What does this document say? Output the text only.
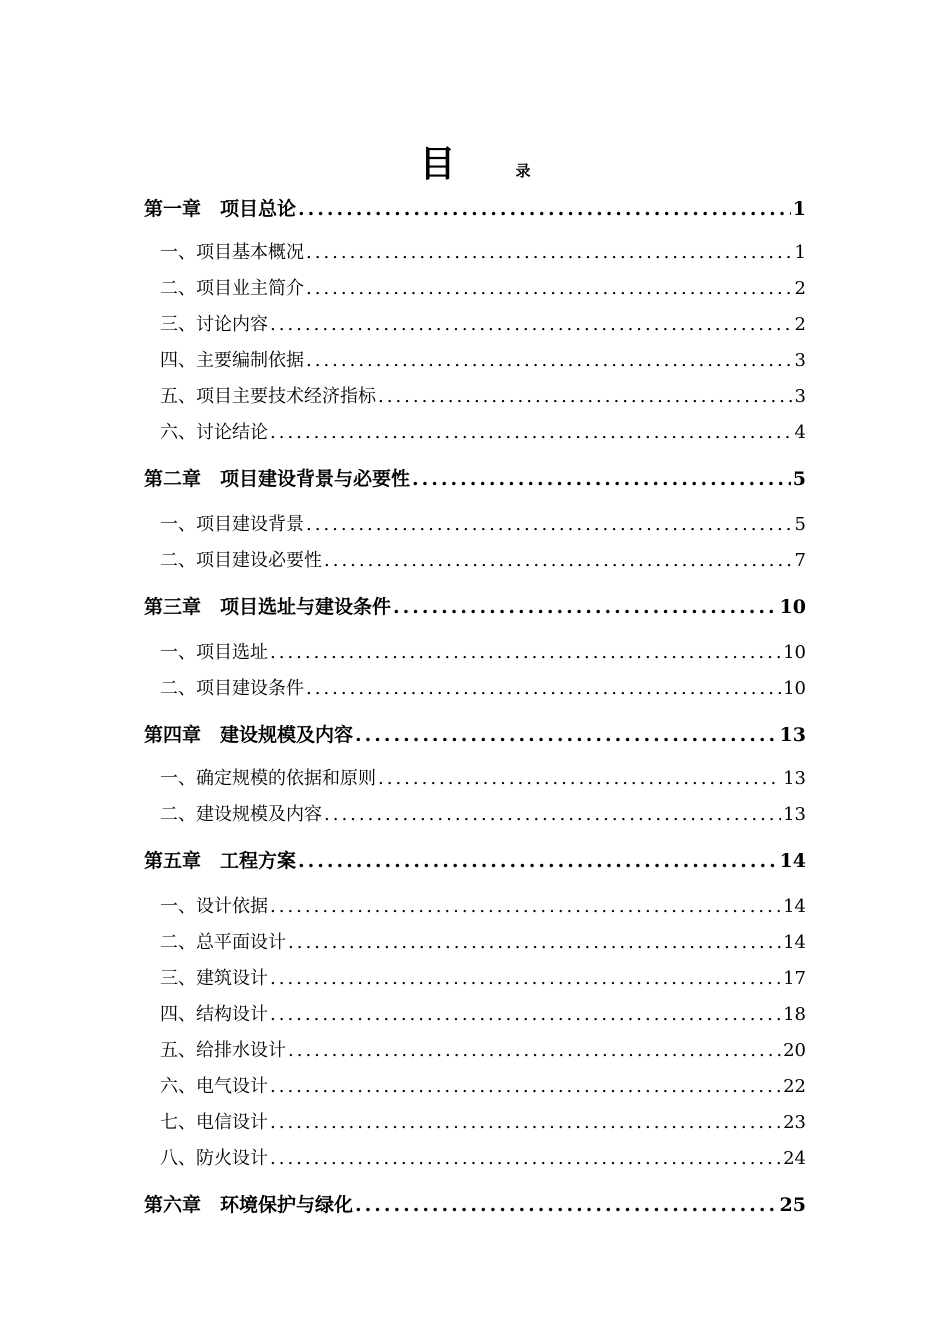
目	录
第一章　项目总论 .....	1
一、项目基本概况 .....	1
二、项目业主简介 .....	2
三、讨论内容 .....	2
四、主要编制依据 .....	3
五、项目主要技术经济指标 .....	3
六、讨论结论 .....	4
第二章　项目建设背景与必要性 .....	5
一、项目建设背景 .....	5
二、项目建设必要性 .....	7
第三章　项目选址与建设条件 .....	10
一、项目选址 .....	10
二、项目建设条件 .....	10
第四章　建设规模及内容 .....	13
一、确定规模的依据和原则 .....	13
二、建设规模及内容 .....	13
第五章　工程方案 .....	14
一、设计依据 .....	14
二、总平面设计 .....	14
三、建筑设计 .....	17
四、结构设计 .....	18
五、给排水设计 .....	20
六、电气设计 .....	22
七、电信设计 .....	23
八、防火设计 .....	24
第六章　环境保护与绿化 .....	25
